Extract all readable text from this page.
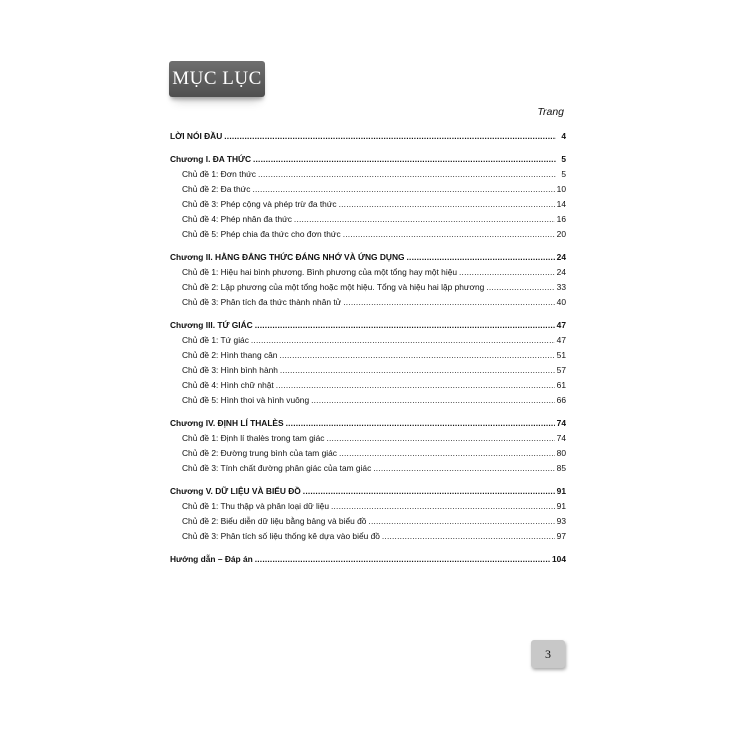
MỤC LỤC
Trang
LỜI NÓI ĐẦU .....	4
Chương I. ĐA THỨC .....	5
Chủ đề 1: Đơn thức .....	5
Chủ đề 2: Đa thức .....	10
Chủ đề 3: Phép cộng và phép trừ đa thức .....	14
Chủ đề 4: Phép nhân đa thức .....	16
Chủ đề 5: Phép chia đa thức cho đơn thức .....	20
Chương II. HẰNG ĐẲNG THỨC ĐÁNG NHỚ VÀ ỨNG DỤNG .....	24
Chủ đề 1: Hiệu hai bình phương. Bình phương của một tổng hay một hiệu .....	24
Chủ đề 2: Lập phương của một tổng hoặc một hiệu. Tổng và hiệu hai lập phương .....	33
Chủ đề 3: Phân tích đa thức thành nhân tử .....	40
Chương III. TỨ GIÁC .....	47
Chủ đề 1: Tứ giác .....	47
Chủ đề 2: Hình thang cân .....	51
Chủ đề 3: Hình bình hành .....	57
Chủ đề 4: Hình chữ nhật .....	61
Chủ đề 5: Hình thoi và hình vuông .....	66
Chương IV. ĐỊNH LÍ THALÈS .....	74
Chủ đề 1: Định lí thalès trong tam giác .....	74
Chủ đề 2: Đường trung bình của tam giác .....	80
Chủ đề 3: Tính chất đường phân giác của tam giác .....	85
Chương V. DỮ LIỆU VÀ BIỂU ĐỒ .....	91
Chủ đề 1: Thu thập và phân loại dữ liệu .....	91
Chủ đề 2: Biểu diễn dữ liệu bằng bảng và biểu đồ .....	93
Chủ đề 3: Phân tích số liệu thống kê dựa vào biểu đồ .....	97
Hướng dẫn – Đáp án .....	104
3
